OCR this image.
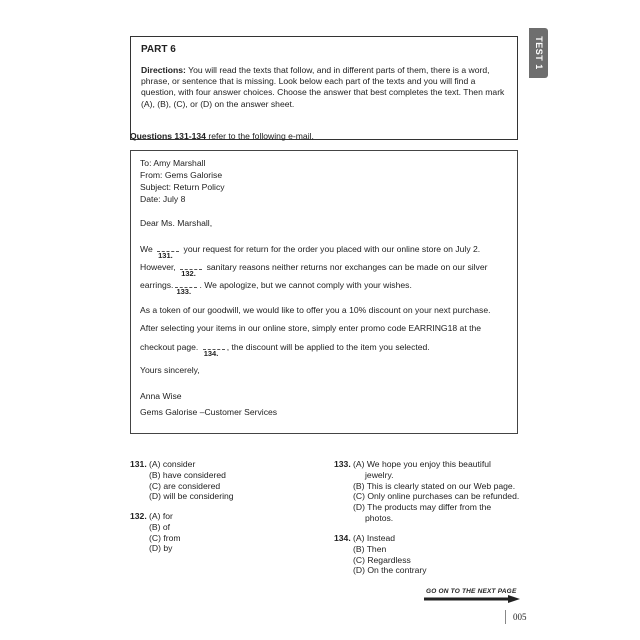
PART 6
Directions: You will read the texts that follow, and in different parts of them, there is a word, phrase, or sentence that is missing. Look below each part of the texts and you will find a question, with four answer choices. Choose the answer that best completes the text. Then mark (A), (B), (C), or (D) on the answer sheet.
TEST 1
Questions 131-134 refer to the following e-mail.
To: Amy Marshall
From: Gems Galorise
Subject: Return Policy
Date: July 8
Dear Ms. Marshall,
We
131.
your request for return for the order you placed with our online store on July 2.
However,
132.
sanitary reasons neither returns nor exchanges can be made on our silver
earrings.
133.
. We apologize, but we cannot comply with your wishes.
As a token of our goodwill, we would like to offer you a 10% discount on your next purchase.
After selecting your items in our online store, simply enter promo code EARRING18 at the
checkout page.
134.
, the discount will be applied to the item you selected.
Yours sincerely,
Anna Wise
Gems Galorise –Customer Services
131. (A) consider
(B) have considered
(C) are considered
(D) will be considering
132. (A) for
(B) of
(C) from
(D) by
133. (A) We hope you enjoy this beautiful
jewelry.
(B) This is clearly stated on our Web page.
(C) Only online purchases can be refunded.
(D) The products may differ from the
photos.
134. (A) Instead
(B) Then
(C) Regardless
(D) On the contrary
GO ON TO THE NEXT PAGE
005
